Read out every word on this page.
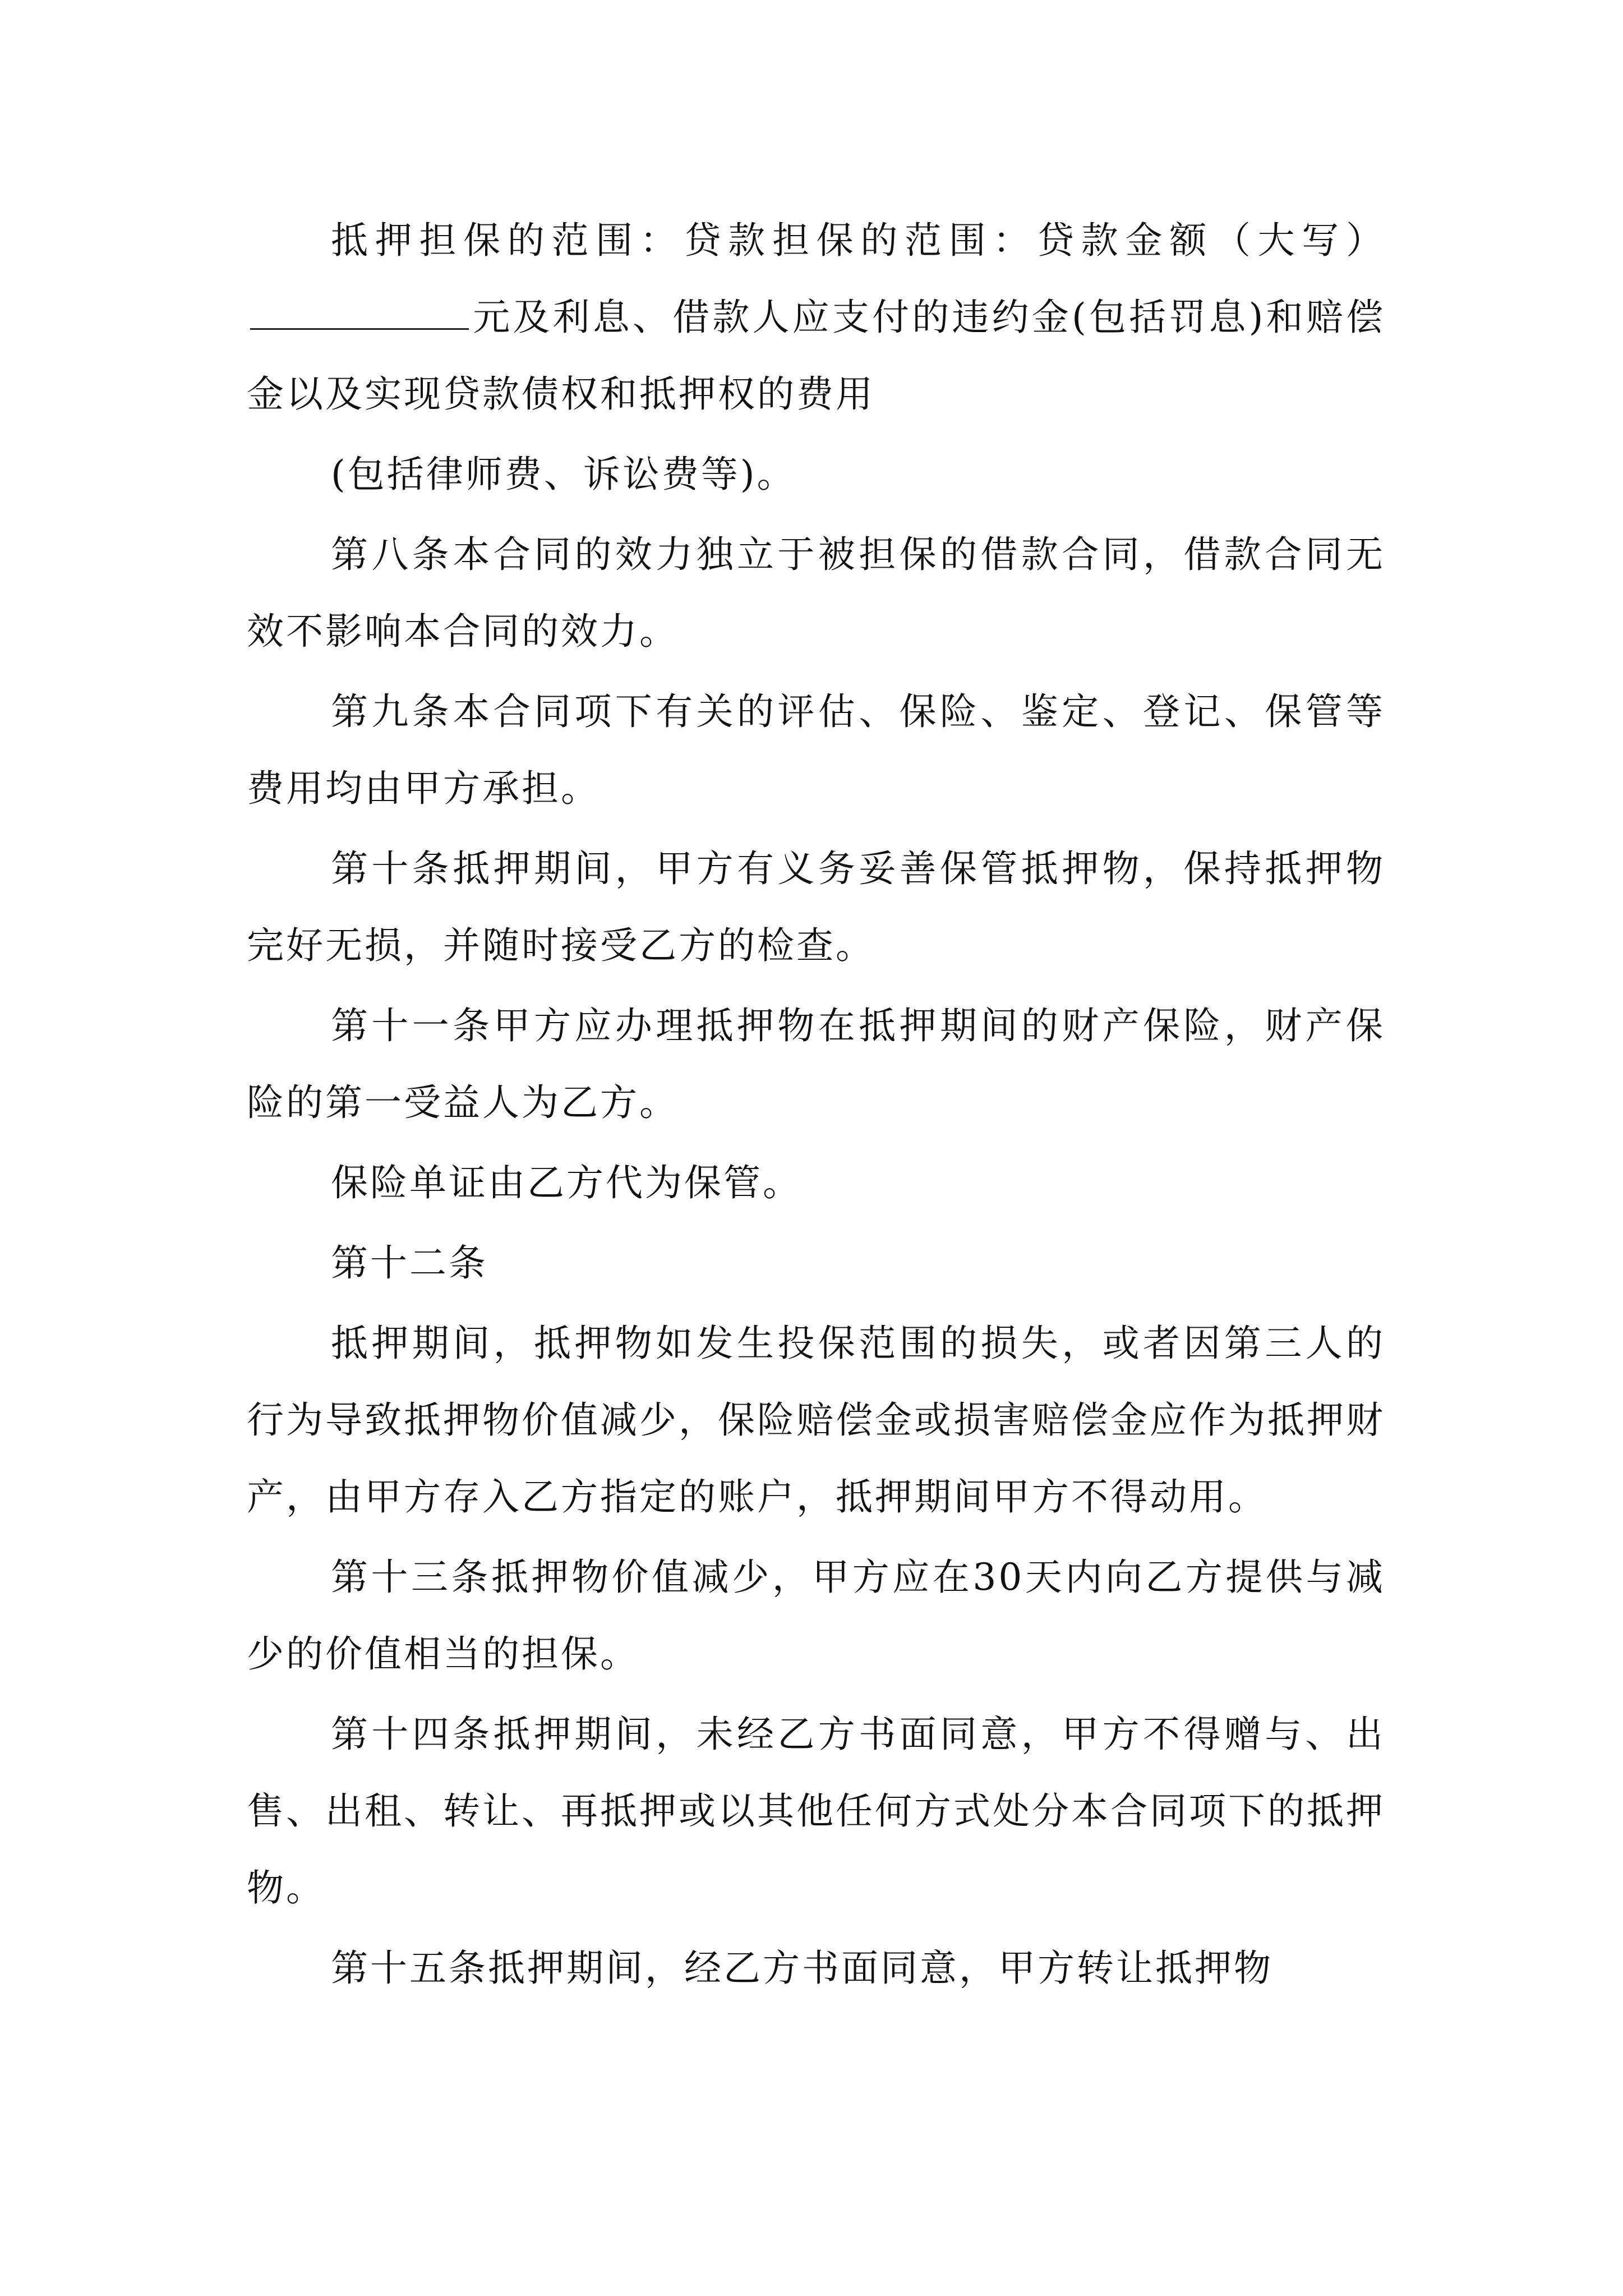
抵押担保的范围：贷款担保的范围：贷款金额（大写）元及利息、借款人应支付的违约金(包括罚息)和赔偿金以及实现贷款债权和抵押权的费用

(包括律师费、诉讼费等)。

第八条本合同的效力独立于被担保的借款合同，借款合同无效不影响本合同的效力。

第九条本合同项下有关的评估、保险、鉴定、登记、保管等费用均由甲方承担。

第十条抵押期间，甲方有义务妥善保管抵押物，保持抵押物完好无损，并随时接受乙方的检查。

第十一条甲方应办理抵押物在抵押期间的财产保险，财产保险的第一受益人为乙方。

保险单证由乙方代为保管。

第十二条

抵押期间，抵押物如发生投保范围的损失，或者因第三人的行为导致抵押物价值减少，保险赔偿金或损害赔偿金应作为抵押财产，由甲方存入乙方指定的账户，抵押期间甲方不得动用。

第十三条抵押物价值减少，甲方应在30天内向乙方提供与减少的价值相当的担保。

第十四条抵押期间，未经乙方书面同意，甲方不得赠与、出售、出租、转让、再抵押或以其他任何方式处分本合同项下的抵押物。

第十五条抵押期间，经乙方书面同意，甲方转让抵押物
